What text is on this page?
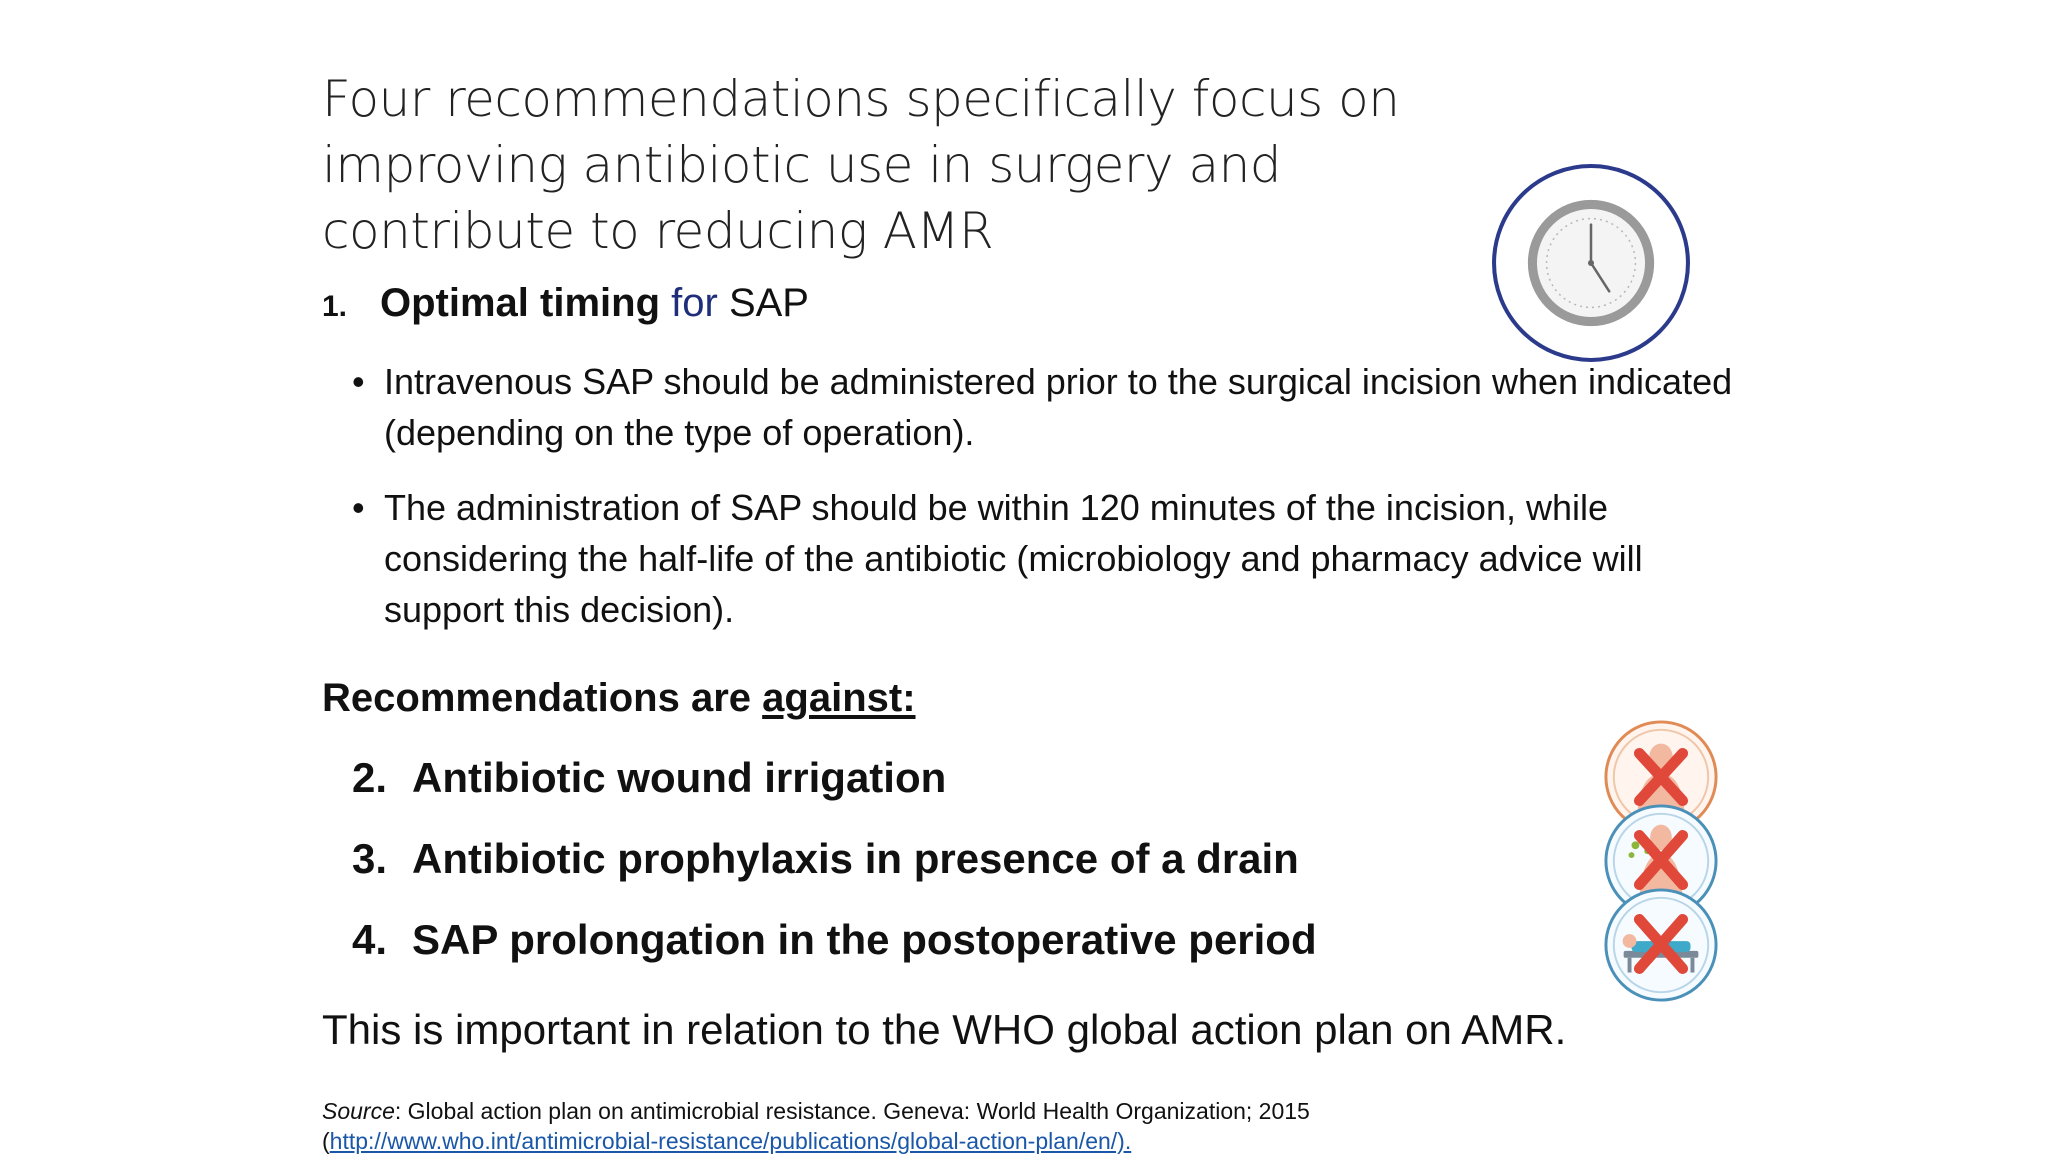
Four recommendations specifically focus on
improving antibiotic use in surgery and
contribute to reducing AMR
1. Optimal timing for SAP
• Intravenous SAP should be administered prior to the surgical incision when indicated (depending on the type of operation).
• The administration of SAP should be within 120 minutes of the incision, while considering the half-life of the antibiotic (microbiology and pharmacy advice will support this decision).
Recommendations are against:
2. Antibiotic wound irrigation
3. Antibiotic prophylaxis in presence of a drain
4. SAP prolongation in the postoperative period
This is important in relation to the WHO global action plan on AMR.
Source: Global action plan on antimicrobial resistance. Geneva: World Health Organization; 2015
(http://www.who.int/antimicrobial-resistance/publications/global-action-plan/en/).
